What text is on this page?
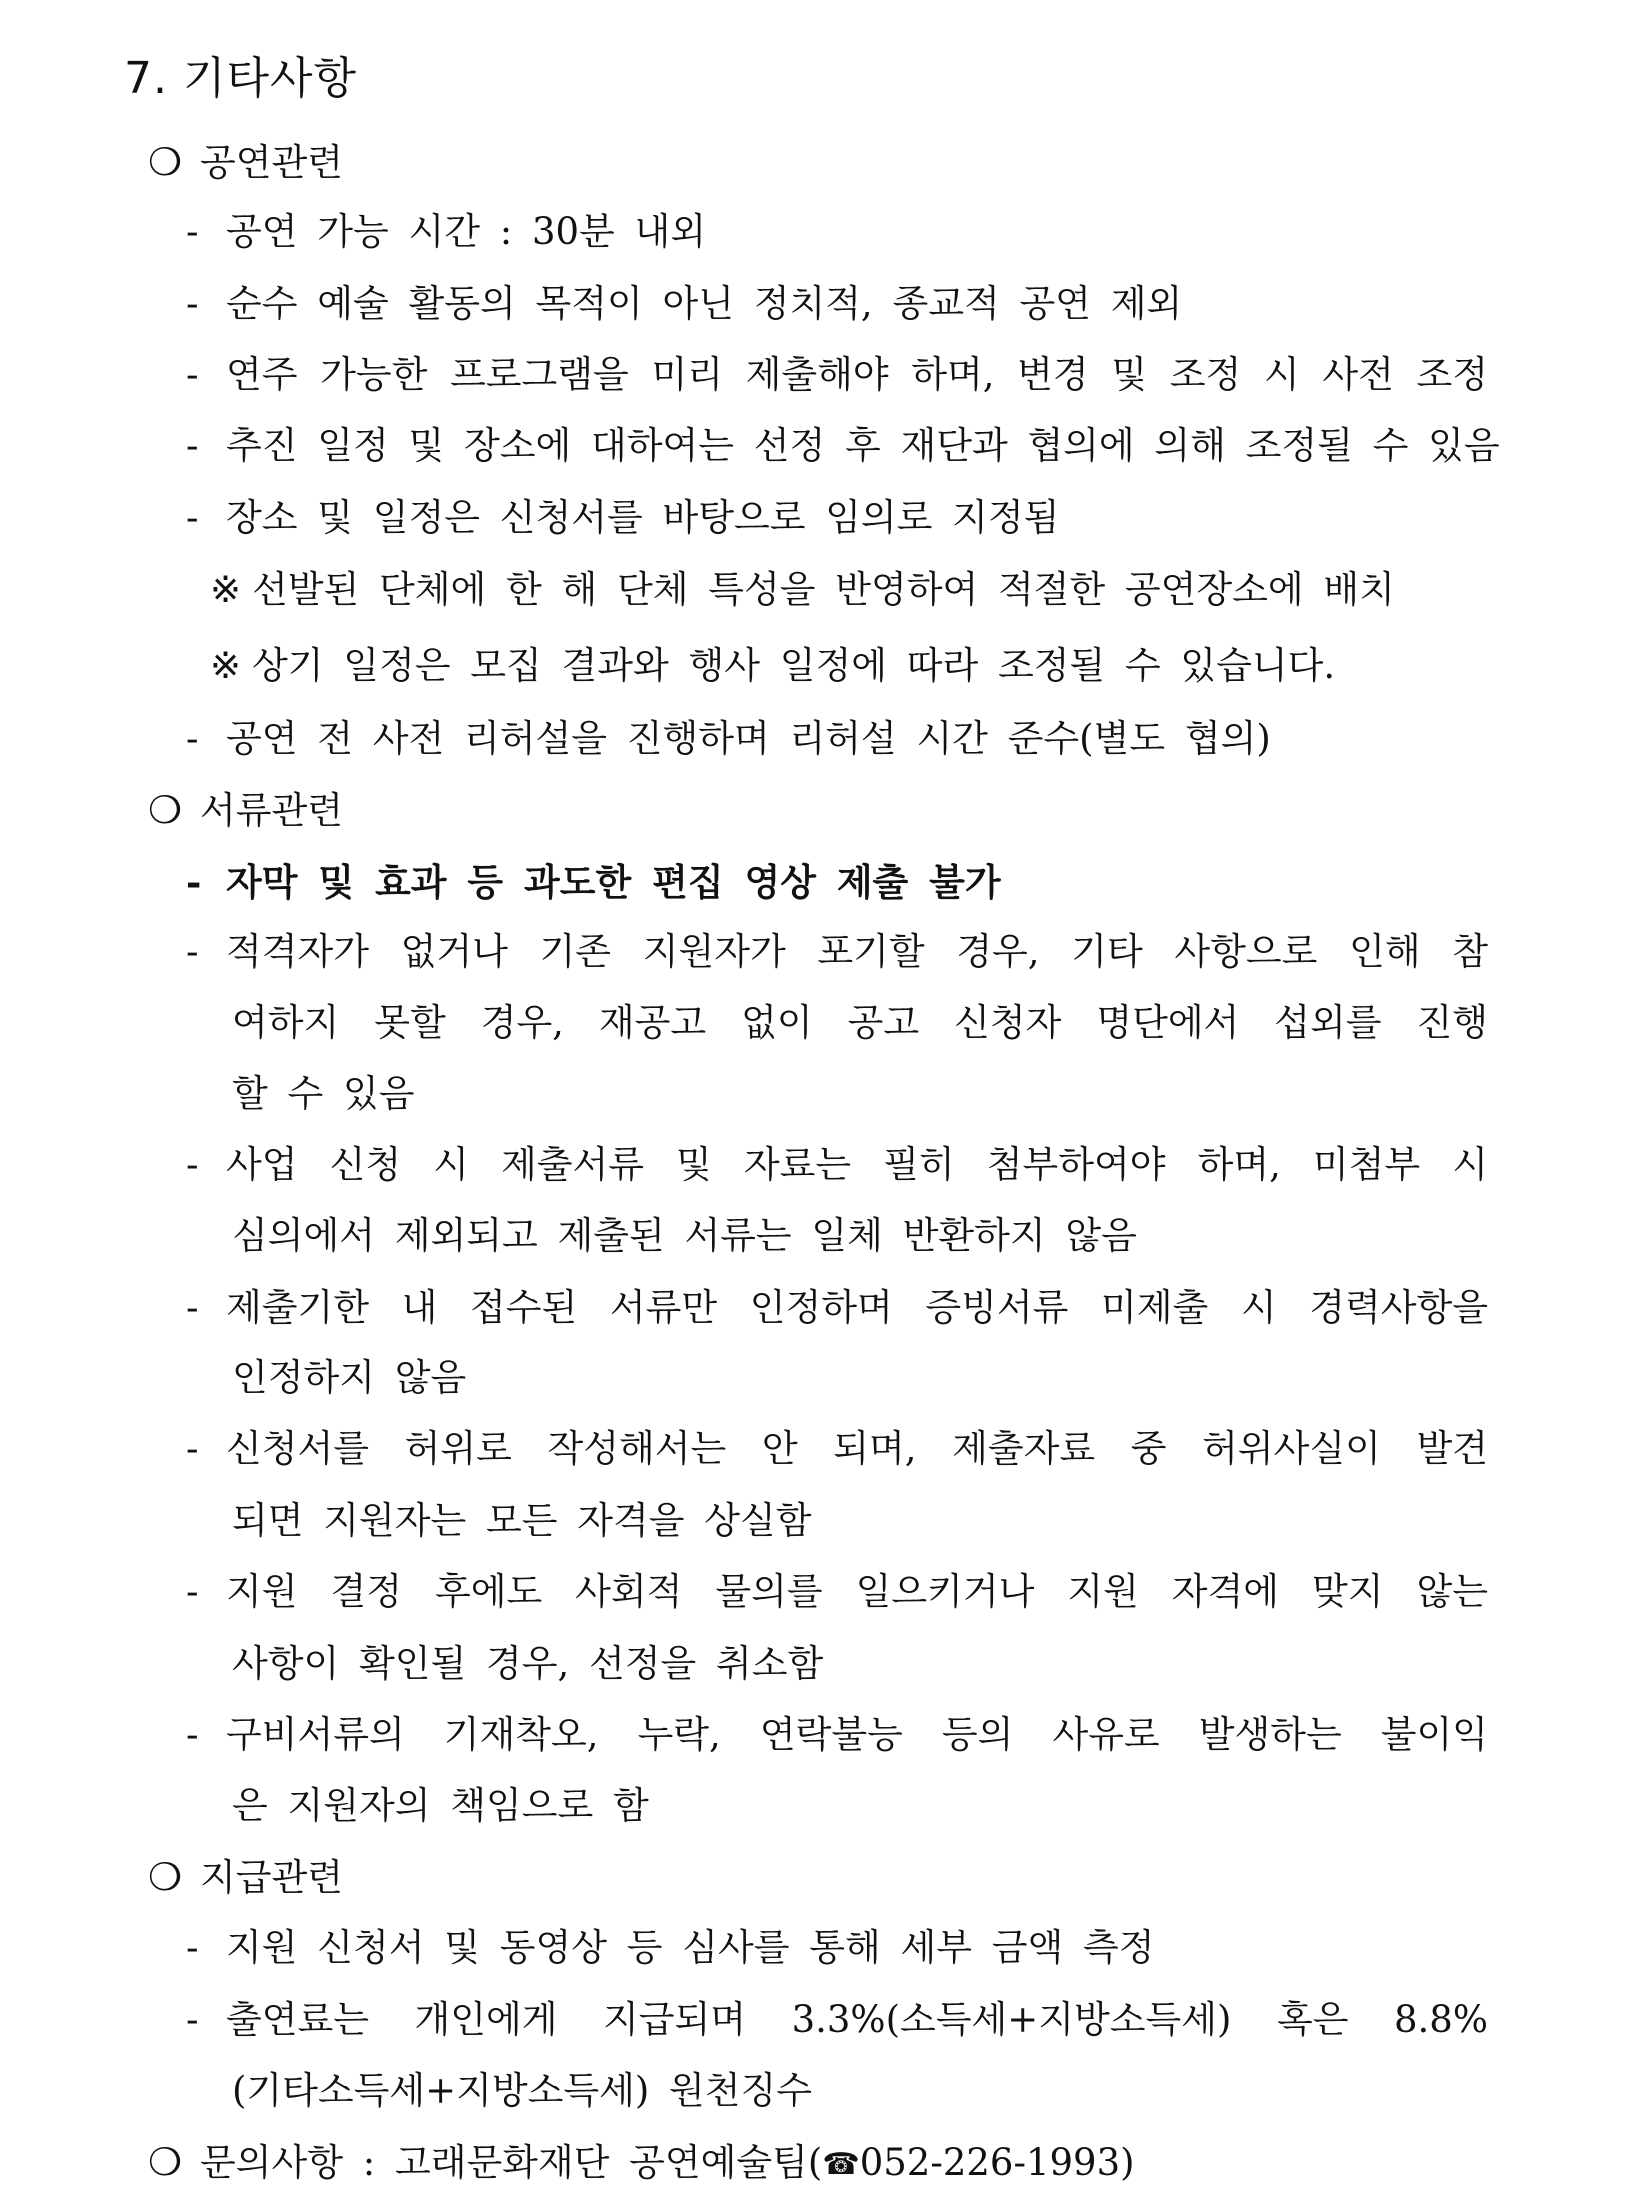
7. 기타사항
❍ 공연관련
- 공연 가능 시간 : 30분 내외
- 순수 예술 활동의 목적이 아닌 정치적, 종교적 공연 제외
- 연주 가능한 프로그램을 미리 제출해야 하며, 변경 및 조정 시 사전 조정
- 추진 일정 및 장소에 대하여는 선정 후 재단과 협의에 의해 조정될 수 있음
- 장소 및 일정은 신청서를 바탕으로 임의로 지정됨
※ 선발된 단체에 한 해 단체 특성을 반영하여 적절한 공연장소에 배치
※ 상기 일정은 모집 결과와 행사 일정에 따라 조정될 수 있습니다.
- 공연 전 사전 리허설을 진행하며 리허설 시간 준수(별도 협의)
❍ 서류관련
- 자막 및 효과 등 과도한 편집 영상 제출 불가
- 적격자가 없거나 기존 지원자가 포기할 경우, 기타 사항으로 인해 참
여하지 못할 경우, 재공고 없이 공고 신청자 명단에서 섭외를 진행
할 수 있음
- 사업 신청 시 제출서류 및 자료는 필히 첨부하여야 하며, 미첨부 시
심의에서 제외되고 제출된 서류는 일체 반환하지 않음
- 제출기한 내 접수된 서류만 인정하며 증빙서류 미제출 시 경력사항을
인정하지 않음
- 신청서를 허위로 작성해서는 안 되며, 제출자료 중 허위사실이 발견
되면 지원자는 모든 자격을 상실함
- 지원 결정 후에도 사회적 물의를 일으키거나 지원 자격에 맞지 않는
사항이 확인될 경우, 선정을 취소함
- 구비서류의 기재착오, 누락, 연락불능 등의 사유로 발생하는 불이익
은 지원자의 책임으로 함
❍ 지급관련
- 지원 신청서 및 동영상 등 심사를 통해 세부 금액 측정
- 출연료는 개인에게 지급되며 3.3%(소득세+지방소득세) 혹은 8.8%
(기타소득세+지방소득세) 원천징수
❍ 문의사항 : 고래문화재단 공연예술팀(☎052-226-1993)
